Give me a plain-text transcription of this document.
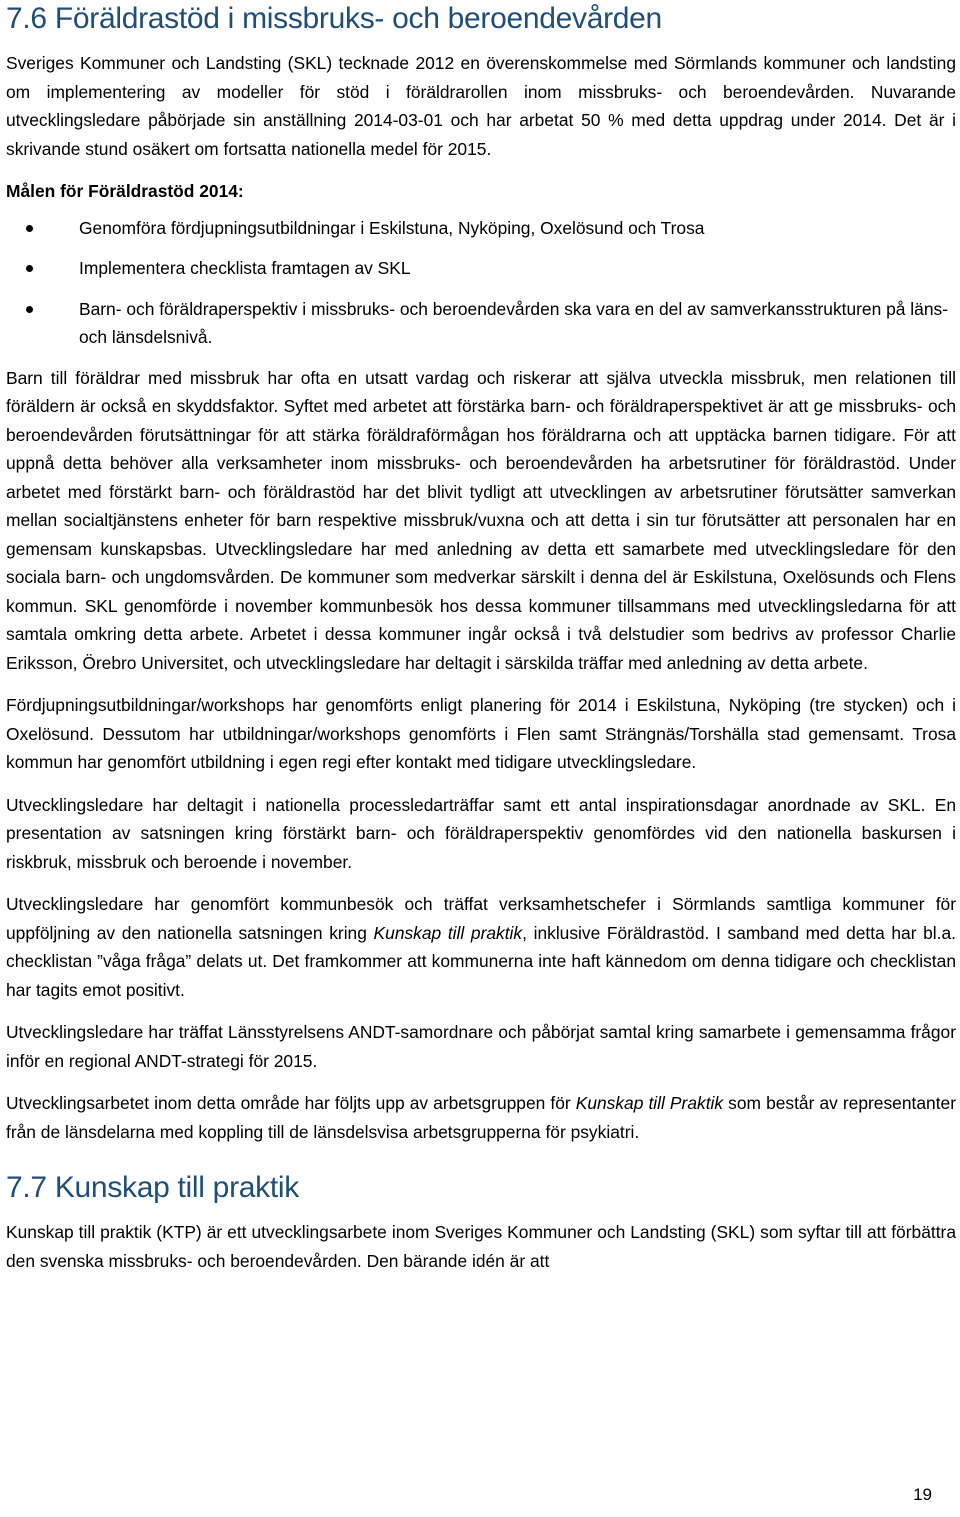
7.6 Föräldrastöd i missbruks- och beroendevården

Sveriges Kommuner och Landsting (SKL) tecknade 2012 en överenskommelse med Sörmlands kommuner och landsting om implementering av modeller för stöd i föräldrarollen inom missbruks- och beroendevården. Nuvarande utvecklingsledare påbörjade sin anställning 2014-03-01 och har arbetat 50 % med detta uppdrag under 2014. Det är i skrivande stund osäkert om fortsatta nationella medel för 2015.

Målen för Föräldrastöd 2014:

Genomföra fördjupningsutbildningar i Eskilstuna, Nyköping, Oxelösund och Trosa
Implementera checklista framtagen av SKL
Barn- och föräldraperspektiv i missbruks- och beroendevården ska vara en del av samverkansstrukturen på läns- och länsdelsnivå.

Barn till föräldrar med missbruk har ofta en utsatt vardag och riskerar att själva utveckla missbruk, men relationen till föräldern är också en skyddsfaktor. Syftet med arbetet att förstärka barn- och föräldraperspektivet är att ge missbruks- och beroendevården förutsättningar för att stärka föräldraförmågan hos föräldrarna och att upptäcka barnen tidigare. För att uppnå detta behöver alla verksamheter inom missbruks- och beroendevården ha arbetsrutiner för föräldrastöd. Under arbetet med förstärkt barn- och föräldrastöd har det blivit tydligt att utvecklingen av arbetsrutiner förutsätter samverkan mellan socialtjänstens enheter för barn respektive missbruk/vuxna och att detta i sin tur förutsätter att personalen har en gemensam kunskapsbas. Utvecklingsledare har med anledning av detta ett samarbete med utvecklingsledare för den sociala barn- och ungdomsvården. De kommuner som medverkar särskilt i denna del är Eskilstuna, Oxelösunds och Flens kommun. SKL genomförde i november kommunbesök hos dessa kommuner tillsammans med utvecklingsledarna för att samtala omkring detta arbete. Arbetet i dessa kommuner ingår också i två delstudier som bedrivs av professor Charlie Eriksson, Örebro Universitet, och utvecklingsledare har deltagit i särskilda träffar med anledning av detta arbete.

Fördjupningsutbildningar/workshops har genomförts enligt planering för 2014 i Eskilstuna, Nyköping (tre stycken) och i Oxelösund. Dessutom har utbildningar/workshops genomförts i Flen samt Strängnäs/Torshälla stad gemensamt. Trosa kommun har genomfört utbildning i egen regi efter kontakt med tidigare utvecklingsledare.

Utvecklingsledare har deltagit i nationella processledarträffar samt ett antal inspirationsdagar anordnade av SKL. En presentation av satsningen kring förstärkt barn- och föräldraperspektiv genomfördes vid den nationella baskursen i riskbruk, missbruk och beroende i november.

Utvecklingsledare har genomfört kommunbesök och träffat verksamhetschefer i Sörmlands samtliga kommuner för uppföljning av den nationella satsningen kring Kunskap till praktik, inklusive Föräldrastöd. I samband med detta har bl.a. checklistan ”våga fråga” delats ut. Det framkommer att kommunerna inte haft kännedom om denna tidigare och checklistan har tagits emot positivt.

Utvecklingsledare har träffat Länsstyrelsens ANDT-samordnare och påbörjat samtal kring samarbete i gemensamma frågor inför en regional ANDT-strategi för 2015.

Utvecklingsarbetet inom detta område har följts upp av arbetsgruppen för Kunskap till Praktik som består av representanter från de länsdelarna med koppling till de länsdelsvisa arbetsgrupperna för psykiatri.

7.7 Kunskap till praktik

Kunskap till praktik (KTP) är ett utvecklingsarbete inom Sveriges Kommuner och Landsting (SKL) som syftar till att förbättra den svenska missbruks- och beroendevården. Den bärande idén är att

19
